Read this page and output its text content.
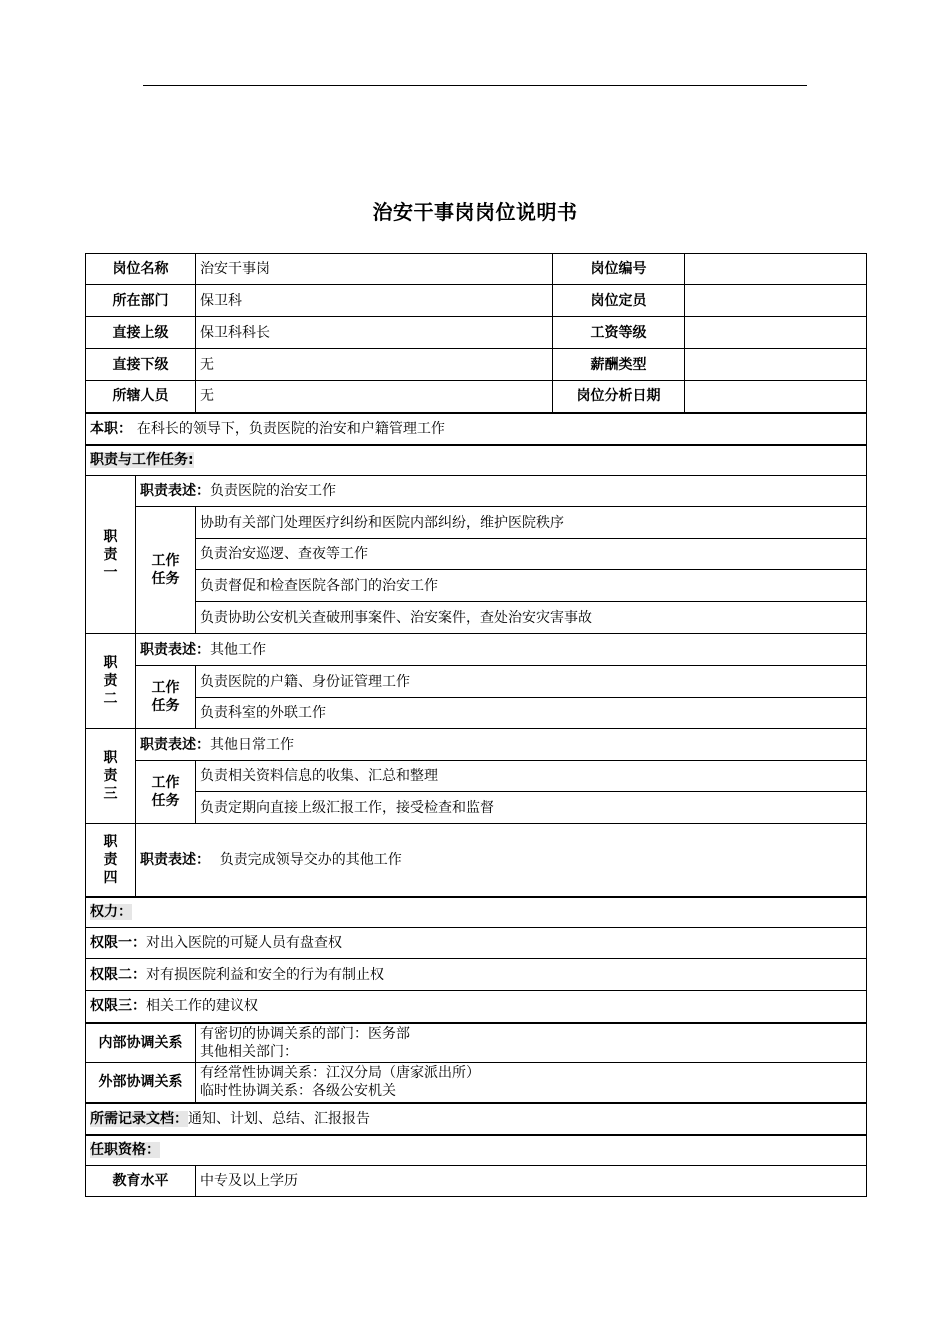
治安干事岗岗位说明书
岗位名称		治安干事岗	岗位编号	
所在部门		保卫科	岗位定员	
直接上级		保卫科科长	工资等级	
直接下级		无	薪酬类型	
所辖人员		无	岗位分析日期	
本职： 在科长的领导下，负责医院的治安和户籍管理工作				
职责与工作任务:				
职
责
一	职责表述：负责医院的治安工作			
	工作
任务	协助有关部门处理医疗纠纷和医院内部纠纷，维护医院秩序		
		负责治安巡逻、查夜等工作		
		负责督促和检查医院各部门的治安工作		
		负责协助公安机关查破刑事案件、治安案件，查处治安灾害事故		
职
责
二	职责表述：其他工作			
	工作
任务	负责医院的户籍、身份证管理工作		
		负责科室的外联工作		
职
责
三	职责表述：其他日常工作			
	工作
任务	负责相关资料信息的收集、汇总和整理		
		负责定期向直接上级汇报工作，接受检查和监督		
职
责
四	职责表述： 负责完成领导交办的其他工作			
权力：				
权限一：对出入医院的可疑人员有盘查权				
权限二：对有损医院利益和安全的行为有制止权				
权限三：相关工作的建议权				
内部协调关系		有密切的协调关系的部门：医务部
其他相关部门：		
外部协调关系		有经常性协调关系：江汉分局（唐家派出所）
临时性协调关系：各级公安机关		
所需记录文档：通知、计划、总结、汇报报告				
任职资格：				
教育水平		中专及以上学历		
